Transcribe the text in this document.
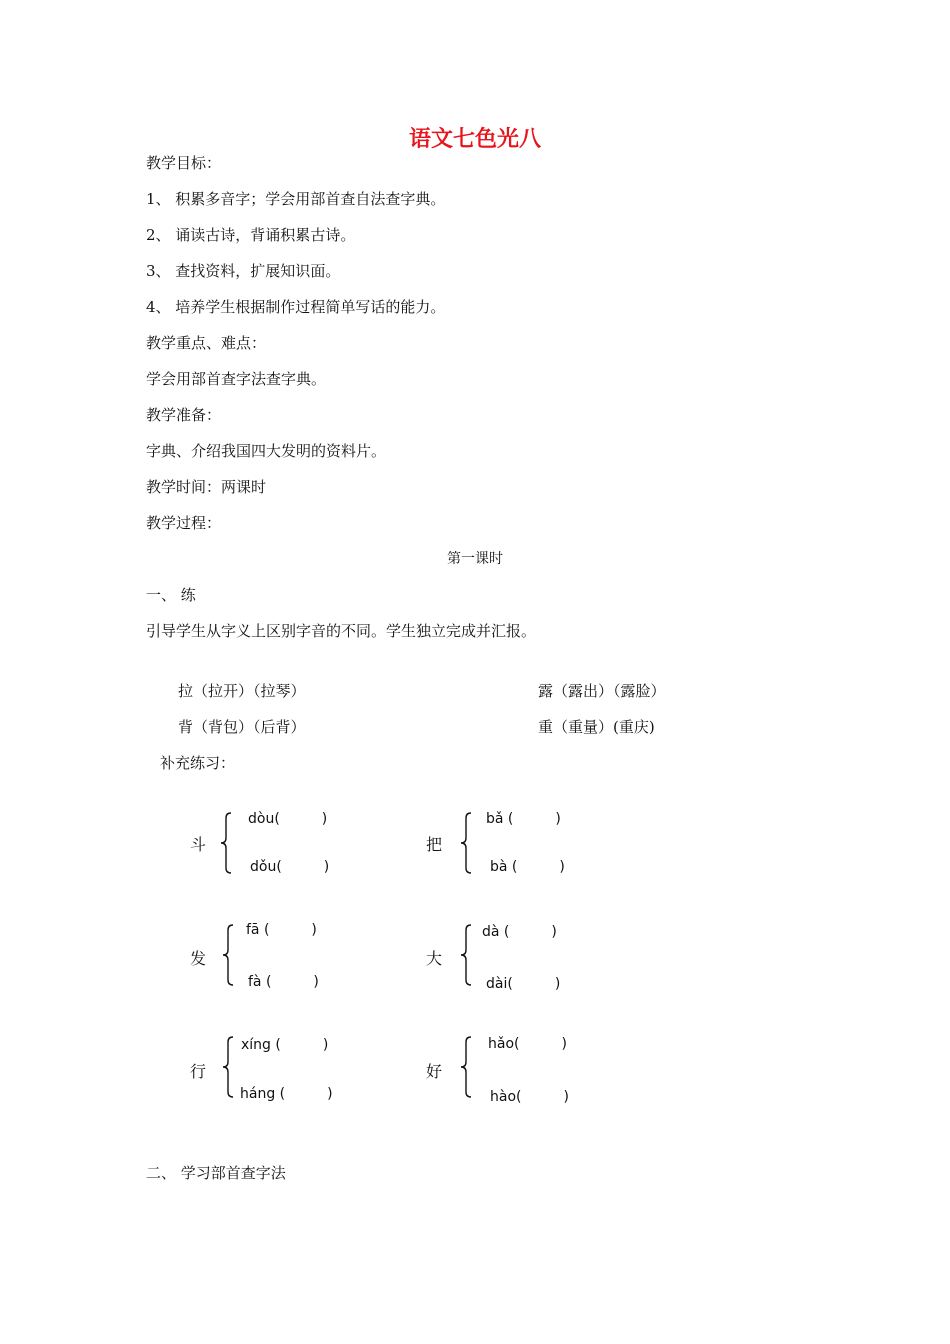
语文七色光八
教学目标：
1、 积累多音字；学会用部首查自法查字典。
2、 诵读古诗，背诵积累古诗。
3、 查找资料，扩展知识面。
4、 培养学生根据制作过程简单写话的能力。
教学重点、难点：
学会用部首查字法查字典。
教学准备：
字典、介绍我国四大发明的资料片。
教学时间：两课时
教学过程：
第一课时
一、 练
引导学生从字义上区别字音的不同。学生独立完成并汇报。
拉（拉开）（拉琴）	露（露出）（露脸）
背（背包）（后背）	重（重量）(重庆)
补充练习：
斗
dòu(　　　)
dǒu(　　　)
把
bǎ (　　　)
bà (　　　)
发
fā (　　　)
fà (　　　)
大
dà (　　　)
dài(　　　)
行
xíng (　　　)
háng (　　　)
好
hǎo(　　　)
hào(　　　)
二、 学习部首查字法
